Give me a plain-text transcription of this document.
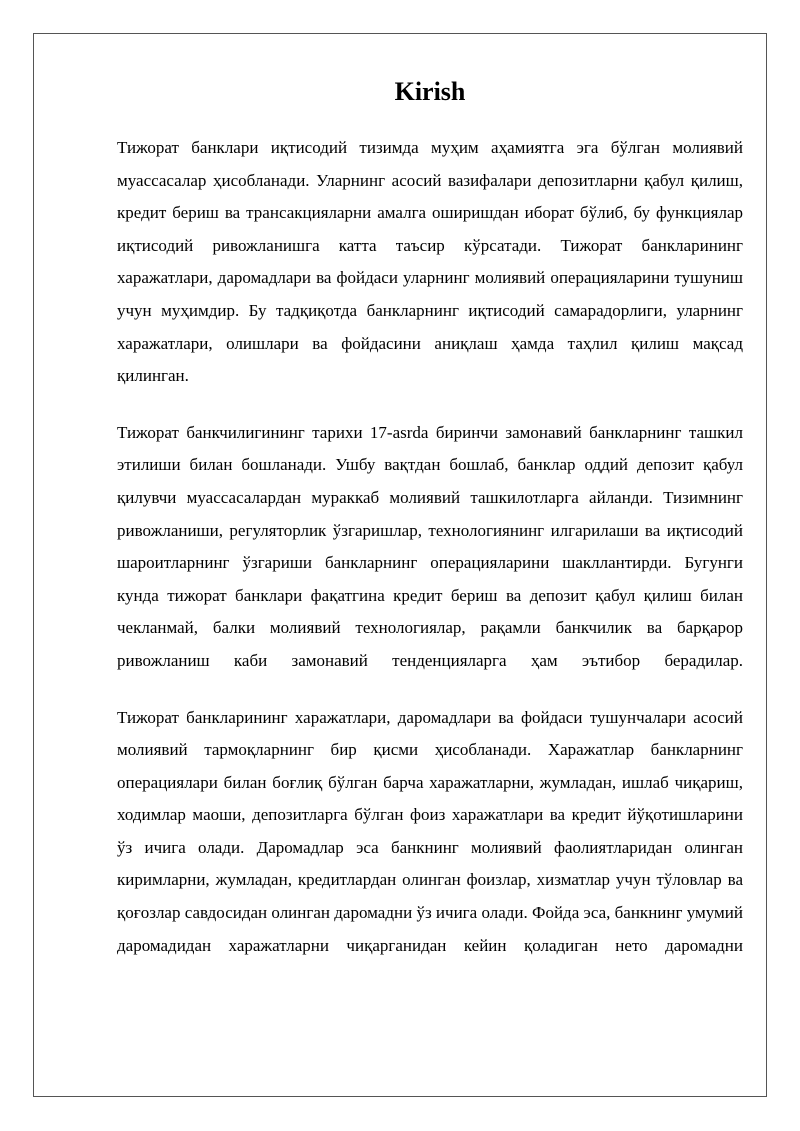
Kirish

Тижорат банклари иқтисодий тизимда муҳим аҳамиятга эга бўлган молиявий муассасалар ҳисобланади. Уларнинг асосий вазифалари депозитларни қабул қилиш, кредит бериш ва трансакцияларни амалга оширишдан иборат бўлиб, бу функциялар иқтисодий ривожланишга катта таъсир кўрсатади. Тижорат банкларининг харажатлари, даромадлари ва фойдаси уларнинг молиявий операцияларини тушуниш учун муҳимдир. Бу тадқиқотда банкларнинг иқтисодий самарадорлиги, уларнинг харажатлари, олишлари ва фойдасини аниқлаш ҳамда таҳлил қилиш мақсад қилинган.

Тижорат банкчилигининг тарихи 17-asrda биринчи замонавий банкларнинг ташкил этилиши билан бошланади. Ушбу вақтдан бошлаб, банклар оддий депозит қабул қилувчи муассасалардан мураккаб молиявий ташкилотларга айланди. Тизимнинг ривожланиши, регуляторлик ўзгаришлар, технологиянинг илгарилаши ва иқтисодий шароитларнинг ўзгариши банкларнинг операцияларини шакллантирди. Бугунги кунда тижорат банклари фақатгина кредит бериш ва депозит қабул қилиш билан чекланмай, балки молиявий технологиялар, рақамли банкчилик ва барқарор ривожланиш каби замонавий тенденцияларга ҳам эътибор берадилар.

Тижорат банкларининг харажатлари, даромадлари ва фойдаси тушунчалари асосий молиявий тармоқларнинг бир қисми ҳисобланади. Харажатлар банкларнинг операциялари билан боғлиқ бўлган барча харажатларни, жумладан, ишлаб чиқариш, ходимлар маоши, депозитларга бўлган фоиз харажатлари ва кредит йўқотишларини ўз ичига олади. Даромадлар эса банкнинг молиявий фаолиятларидан олинган киримларни, жумладан, кредитлардан олинган фоизлар, хизматлар учун тўловлар ва қоғозлар савдосидан олинган даромадни ўз ичига олади. Фойда эса, банкнинг умумий даромадидан харажатларни чиқарганидан кейин қоладиган нето даромадни
